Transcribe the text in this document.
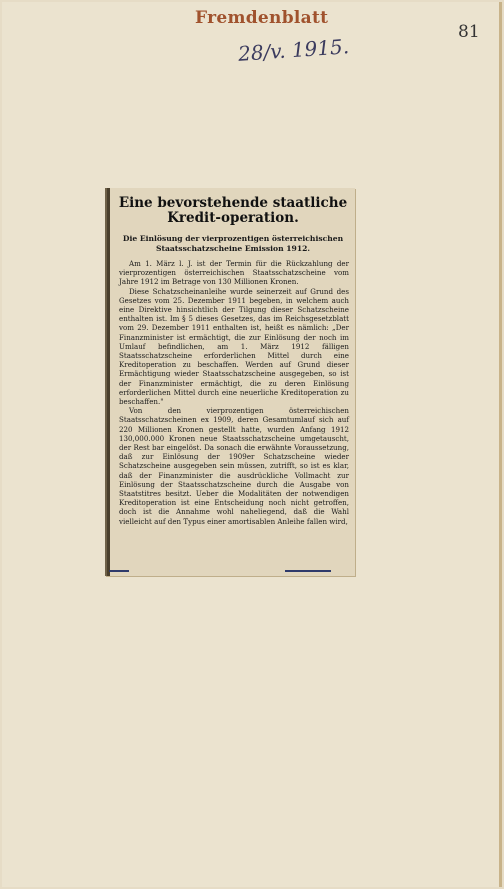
Fremdenblatt
81
28/v. 1915.
Eine bevorstehende staatliche Kredit-operation.
Die Einlösung der vierprozentigen österreichischen Staatsschatzscheine Emission 1912.

Am 1. März l. J. ist der Termin für die Rückzahlung der vierprozentigen österreichischen Staatsschatzscheine vom Jahre 1912 im Betrage von 130 Millionen Kronen.

Diese Schatzscheinanleihe wurde seinerzeit auf Grund des Gesetzes vom 25. Dezember 1911 begeben, in welchem auch eine Direktive hinsichtlich der Tilgung dieser Schatzscheine enthalten ist. Im § 5 dieses Gesetzes, das im Reichsgesetzblatt vom 29. Dezember 1911 enthalten ist, heißt es nämlich: „Der Finanzminister ist ermächtigt, die zur Einlösung der noch im Umlauf befindlichen, am 1. März 1912 fälligen Staatsschatzscheine erforderlichen Mittel durch eine Kreditoperation zu beschaffen. Werden auf Grund dieser Ermächtigung wieder Staatsschatzscheine ausgegeben, so ist der Finanzminister ermächtigt, die zu deren Einlösung erforderlichen Mittel durch eine neuerliche Kreditoperation zu beschaffen."

Von den vierprozentigen österreichischen Staatsschatzscheinen ex 1909, deren Gesamtumlauf sich auf 220 Millionen Kronen gestellt hatte, wurden Anfang 1912 130,000.000 Kronen neue Staatsschatzscheine umgetauscht, der Rest bar eingelöst. Da sonach die erwähnte Voraussetzung, daß zur Einlösung der 1909er Schatzscheine wieder Schatzscheine ausgegeben sein müssen, zutrifft, so ist es klar, daß der Finanzminister die ausdrückliche Vollmacht zur Einlösung der Staatsschatzscheine durch die Ausgabe von Staatstitres besitzt. Ueber die Modalitäten der notwendigen Kreditoperation ist eine Entscheidung noch nicht getroffen, doch ist die Annahme wohl naheliegend, daß die Wahl vielleicht auf den Typus einer amortisablen Anleihe fallen wird,
